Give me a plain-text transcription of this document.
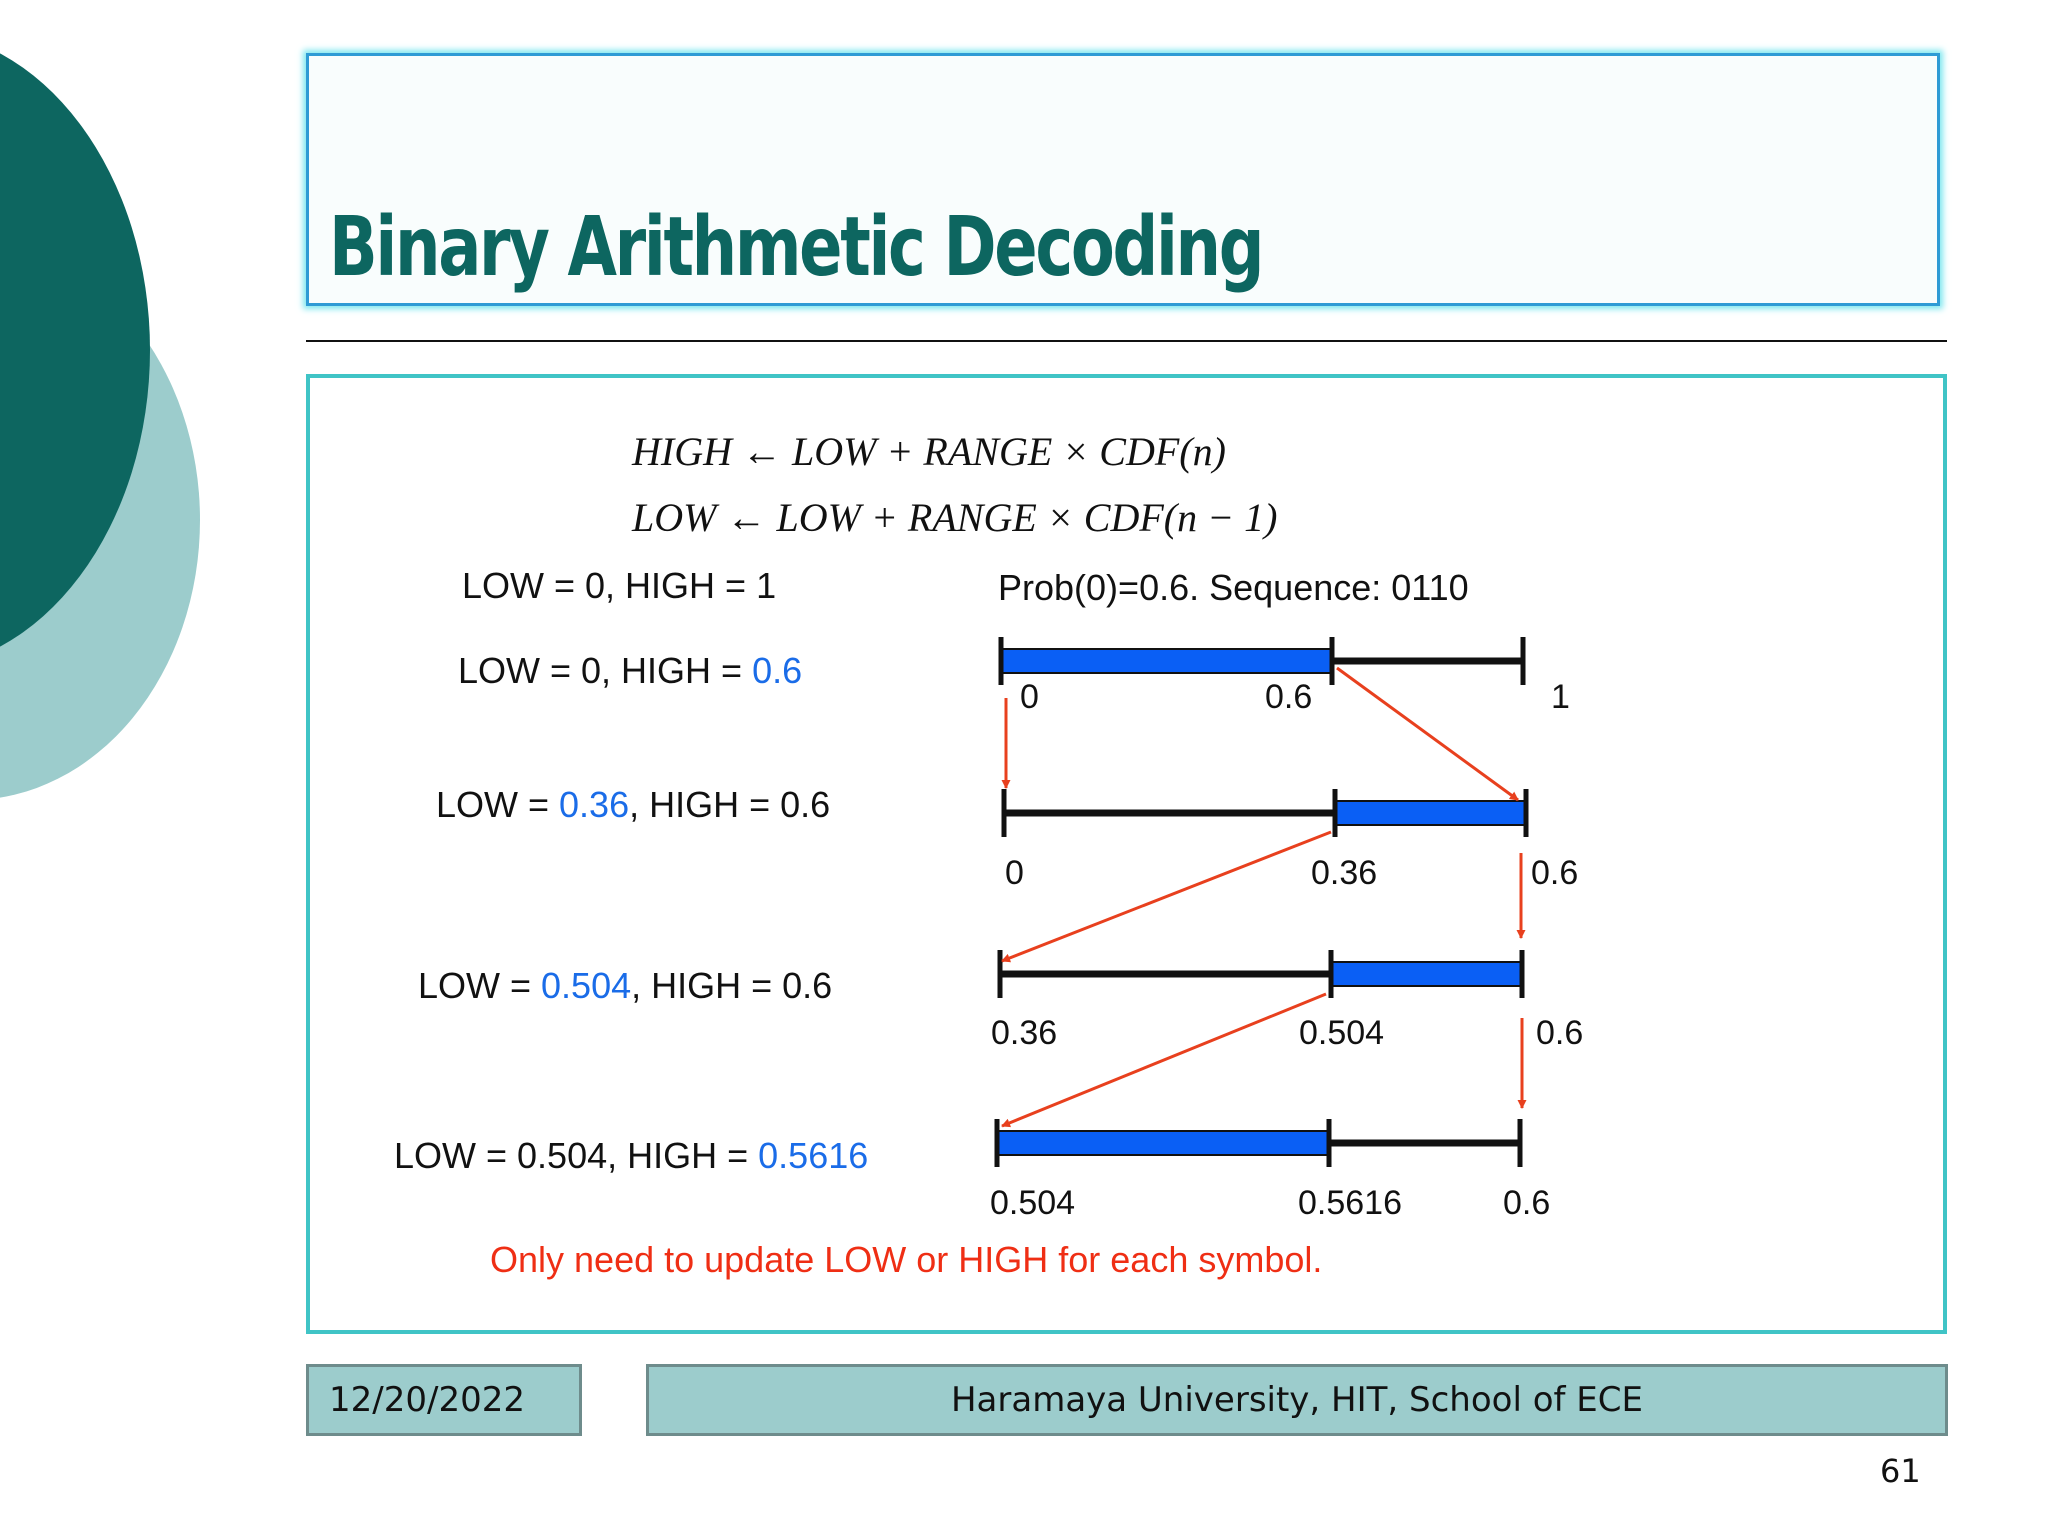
Binary Arithmetic Decoding
HIGH ← LOW + RANGE × CDF(n)
LOW ← LOW + RANGE × CDF(n − 1)
Prob(0)=0.6. Sequence: 0110
LOW = 0, HIGH = 1
LOW = 0, HIGH = 0.6
LOW = 0.36, HIGH = 0.6
LOW = 0.504, HIGH = 0.6
LOW = 0.504, HIGH = 0.5616
0	0.6	1
0	0.36	0.6
0.36	0.504	0.6
0.504	0.5616	0.6
Only need to update LOW or HIGH for each symbol.
12/20/2022	Haramaya University, HIT, School of ECE
61
